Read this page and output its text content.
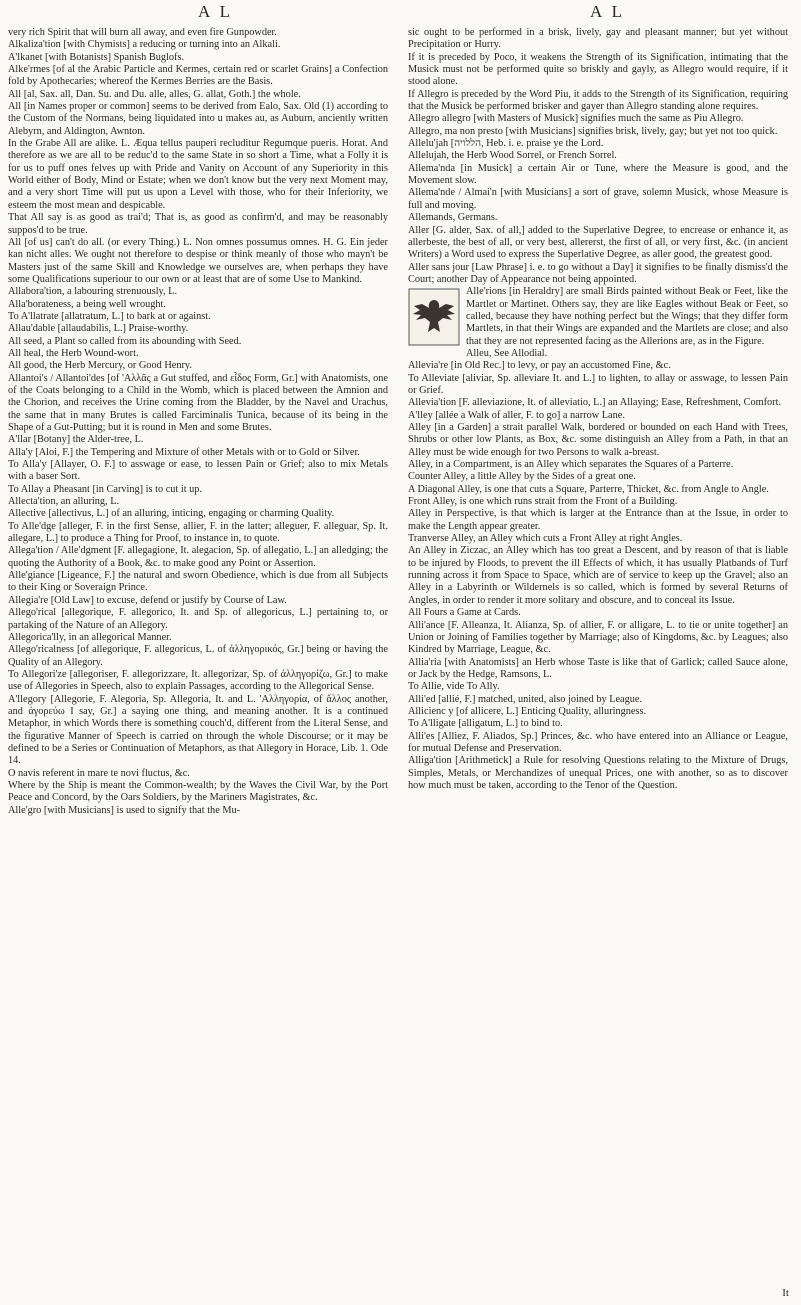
A L	A L

very rich Spirit that will burn all away, and even fire Gunpowder.

Alkaliza'tion [with Chymists] a reducing or turning into an Alkali.

A'lkanet [with Botanists] Spanish Buglofs.

Alke'rmes [of al the Arabic Particle and Kermes, certain red or scarlet Grains] a Confection fold by Apothecaries; whereof the Kermes Berries are the Basis.

All [al, Sax. all, Dan. Su. and Du. alle, alles, G. allat, Goth.] the whole.

All [in Names proper or common] seems to be derived from Ealo, Sax. Old (1) according to the Custom of the Normans, being liquidated into u makes au, as Auburn, anciently written Alebyrn, and Aldington, Awnton.

In the Grabe All are alike. L. Æqua tellus pauperi recluditur Regumque pueris. Horat. And therefore as we are all to be reduc'd to the same State in so short a Time, what a Folly it is for us to puff ones felves up with Pride and Vanity on Account of any Superiority in this World either of Body, Mind or Estate; when we don't know but the very next Moment may, and a very short Time will put us upon a Level with those, who for their Inferiority, we esteem the most mean and despicable.

That All say is as good as trai'd; That is, as good as confirm'd, and may be reasonably suppos'd to be true.

All [of us] can't do all. (or every Thing.) L. Non omnes possumus omnes. H. G. Ein jeder kan nicht alles. We ought not therefore to despise or think meanly of those who mayn't be Masters just of the same Skill and Knowledge we ourselves are, when perhaps they have some Qualifications superiour to our own or at least that are of some Use to Mankind.

Allabora'tion, a labouring strenuously, L.

Alla'borateness, a being well wrought.

To A'llatrate [allatratum, L.] to bark at or against.

Allau'dable [allaudabilis, L.] Praise-worthy.

All seed, a Plant so called from its abounding with Seed.

All heal, the Herb Wound-wort.

All good, the Herb Mercury, or Good Henry.

Allantoi's / Allantoi'des [of 'Αλλᾶς a Gut stuffed, and εἶδος Form, Gr.] with Anatomists, one of the Coats belonging to a Child in the Womb, which is placed between the Amnion and the Chorion, and receives the Urine coming from the Bladder, by the Navel and Urachus, the same that in many Brutes is called Farciminalis Tunica, because of its being in the Shape of a Gut-Putting; but it is round in Men and some Brutes.

A'llar [Botany] the Alder-tree, L.

Alla'y [Aloi, F.] the Tempering and Mixture of other Metals with or to Gold or Silver.

To Alla'y [Allayer, O. F.] to asswage or ease, to lessen Pain or Grief; also to mix Metals with a baser Sort.

To Allay a Pheasant [in Carving] is to cut it up.

Allecta'tion, an alluring, L.

Allective [allectivus, L.] of an alluring, inticing, engaging or charming Quality.

To Alle'dge [alleger, F. in the first Sense, allier, F. in the latter; alleguer, F. alleguar, Sp. It. allegare, L.] to produce a Thing for Proof, to instance in, to quote.

Allega'tion / Alle'dgment [F. allegagione, It. alegacion, Sp. of allegatio, L.] an alledging; the quoting the Authority of a Book, &c. to make good any Point or Assertion.

Alle'giance [Ligeance, F.] the natural and sworn Obedience, which is due from all Subjects to their King or Soveraign Prince.

Allegia're [Old Law] to excuse, defend or justify by Course of Law.

Allego'rical [allegorique, F. allegorico, It. and Sp. of allegoricus, L.] pertaining to, or partaking of the Nature of an Allegory.

Allegorica'lly, in an allegorical Manner.

Allego'ricalness [of allegorique, F. allegoricus, L. of ἀλληγορικός, Gr.] being or having the Quality of an Allegory.

To Allegori'ze [allegoriser, F. allegorizzare, It. allegorizar, Sp. of ἀλληγορίζω, Gr.] to make use of Allegories in Speech, also to explain Passages, according to the Allegorical Sense.

A'llegory [Allegorie, F. Alegoria, Sp. Allegoria, It. and L. 'Αλληγορία, of ἄλλος another, and ἀγορεύω I say, Gr.] a saying one thing, and meaning another. It is a continued Metaphor, in which Words there is something couch'd, different from the Literal Sense, and the figurative Manner of Speech is carried on through the whole Discourse; or it may be defined to be a Series or Continuation of Metaphors, as that Allegory in Horace, Lib. 1. Ode 14.

O navis referent in mare te novi fluctus, &c.

Where by the Ship is meant the Common-wealth; by the Waves the Civil War, by the Port Peace and Concord, by the Oars Soldiers, by the Mariners Magistrates, &c.

Alle'gro [with Musicians] is used to signify that the Mu-

sic ought to be performed in a brisk, lively, gay and pleasant manner; but yet without Precipitation or Hurry.

If it is preceded by Poco, it weakens the Strength of its Signification, intimating that the Musick must not be performed quite so briskly and gayly, as Allegro would require, if it stood alone.

If Allegro is preceded by the Word Piu, it adds to the Strength of its Signification, requiring that the Musick be performed brisker and gayer than Allegro standing alone requires.

Allegro allegro [with Masters of Musick] signifies much the same as Piu Allegro.

Allegro, ma non presto [with Musicians] signifies brisk, lively, gay; but yet not too quick.

Allelu'jah [הללויה, Heb. i. e. praise ye the Lord.

Allelujah, the Herb Wood Sorrel, or French Sorrel.

Allema'nda [in Musick] a certain Air or Tune, where the Measure is good, and the Movement slow.

Allema'nde / Almai'n [with Musicians] a sort of grave, solemn Musick, whose Measure is full and moving.

Allemands, Germans.

Aller [G. alder, Sax. of all,] added to the Superlative Degree, to encrease or enhance it, as allerbeste, the best of all, or very best, allererst, the first of all, or very first, &c. (in ancient Writers) a Word used to express the Superlative Degree, as aller good, the greatest good.

Aller sans jour [Law Phrase] i. e. to go without a Day] it signifies to be finally dismiss'd the Court; another Day of Appearance not being appointed.

Alle'rions [in Heraldry] are small Birds painted without Beak or Feet, like the Martlet or Martinet. Others say, they are like Eagles without Beak or Feet, so called, because they have nothing perfect but the Wings; that they differ form Martlets, in that their Wings are expanded and the Martlets are close; and also that they are not represented facing as the Allerions are, as in the Figure.

Alleu, See Allodial.

Allevia're [in Old Rec.] to levy, or pay an accustomed Fine, &c.

To Alleviate [aliviar, Sp. alleviare It. and L.] to lighten, to allay or asswage, to lessen Pain or Grief.

Allevia'tion [F. alleviazione, It. of alleviatio, L.] an Allaying; Ease, Refreshment, Comfort.

A'lley [allée a Walk of aller, F. to go] a narrow Lane.

Alley [in a Garden] a strait parallel Walk, bordered or bounded on each Hand with Trees, Shrubs or other low Plants, as Box, &c. some distinguish an Alley from a Path, in that an Alley must be wide enough for two Persons to walk a-breast.

Alley, in a Compartment, is an Alley which separates the Squares of a Parterre.

Counter Alley, a little Alley by the Sides of a great one.

A Diagonal Alley, is one that cuts a Square, Parterre, Thicket, &c. from Angle to Angle.

Front Alley, is one which runs strait from the Front of a Building.

Alley in Perspective, is that which is larger at the Entrance than at the Issue, in order to make the Length appear greater.

Tranverse Alley, an Alley which cuts a Front Alley at right Angles.

An Alley in Ziczac, an Alley which has too great a Descent, and by reason of that is liable to be injured by Floods, to prevent the ill Effects of which, it has usually Platbands of Turf running across it from Space to Space, which are of service to keep up the Gravel; also an Alley in a Labyrinth or Wildernels is so called, which is formed by several Returns of Angles, in order to render it more solitary and obscure, and to conceal its Issue.

All Fours a Game at Cards.

Alli'ance [F. Alleanza, It. Alianza, Sp. of allier, F. or alligare, L. to tie or unite together] an Union or Joining of Families together by Marriage; also of Kingdoms, &c. by Leagues; also Kindred by Marriage, League, &c.

Allia'ria [with Anatomists] an Herb whose Taste is like that of Garlick; called Sauce alone, or Jack by the Hedge, Ramsons, L.

To Allie, vide To Ally.

Alli'ed [allié, F.] matched, united, also joined by League.

Allicienc y [of allicere, L.] Enticing Quality, alluringness.

To A'lligate [alligatum, L.] to bind to.

Alli'es [Alliez, F. Aliados, Sp.] Princes, &c. who have entered into an Alliance or League, for mutual Defense and Preservation.

Alliga'tion [Arithmetick] a Rule for resolving Questions relating to the Mixture of Drugs, Simples, Metals, or Merchandizes of unequal Prices, one with another, so as to discover how much must be taken, according to the Tenor of the Question.

It
